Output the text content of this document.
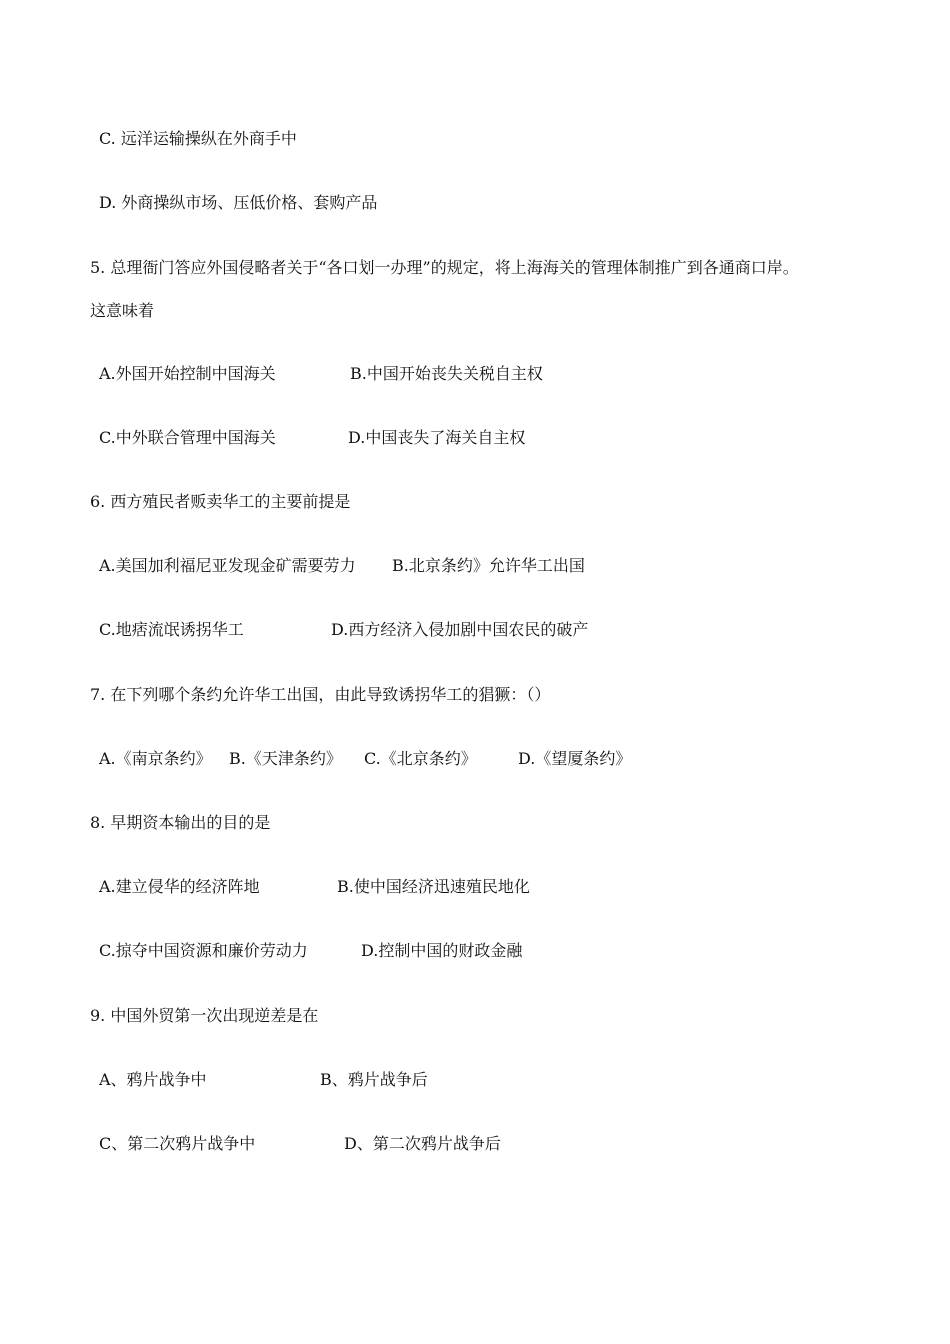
C. 远洋运输操纵在外商手中
D. 外商操纵市场、压低价格、套购产品
5. 总理衙门答应外国侵略者关于“各口划一办理”的规定，将上海海关的管理体制推广到各通商口岸。
这意味着
A.外国开始控制中国海关	B.中国开始丧失关税自主权
C.中外联合管理中国海关	D.中国丧失了海关自主权
6. 西方殖民者贩卖华工的主要前提是
A.美国加利福尼亚发现金矿需要劳力 B.北京条约》允许华工出国
C.地痞流氓诱拐华工	D.西方经济入侵加剧中国农民的破产
7. 在下列哪个条约允许华工出国，由此导致诱拐华工的猖獗：（）
A.《南京条约》 B.《天津条约》 C.《北京条约》	D.《望厦条约》
8. 早期资本输出的目的是
A.建立侵华的经济阵地	B.使中国经济迅速殖民地化
C.掠夺中国资源和廉价劳动力	D.控制中国的财政金融
9. 中国外贸第一次出现逆差是在
A、鸦片战争中	B、鸦片战争后
C、第二次鸦片战争中	D、第二次鸦片战争后
